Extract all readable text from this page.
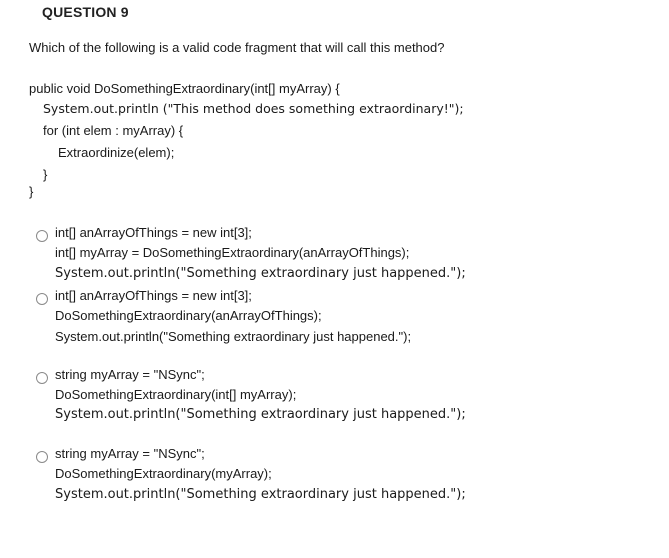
QUESTION 9
Which of the following is a valid code fragment that will call this method?
public void DoSomethingExtraordinary(int[] myArray) {
System.out.println ("This method does something extraordinary!");
for (int elem : myArray) {
Extraordinize(elem);
}
}
int[] anArrayOfThings = new int[3];
int[] myArray = DoSomethingExtraordinary(anArrayOfThings);
System.out.println("Something extraordinary just happened.");
int[] anArrayOfThings = new int[3];
DoSomethingExtraordinary(anArrayOfThings);
System.out.println("Something extraordinary just happened.");
string myArray = "NSync";
DoSomethingExtraordinary(int[] myArray);
System.out.println("Something extraordinary just happened.");
string myArray = "NSync";
DoSomethingExtraordinary(myArray);
System.out.println("Something extraordinary just happened.");
